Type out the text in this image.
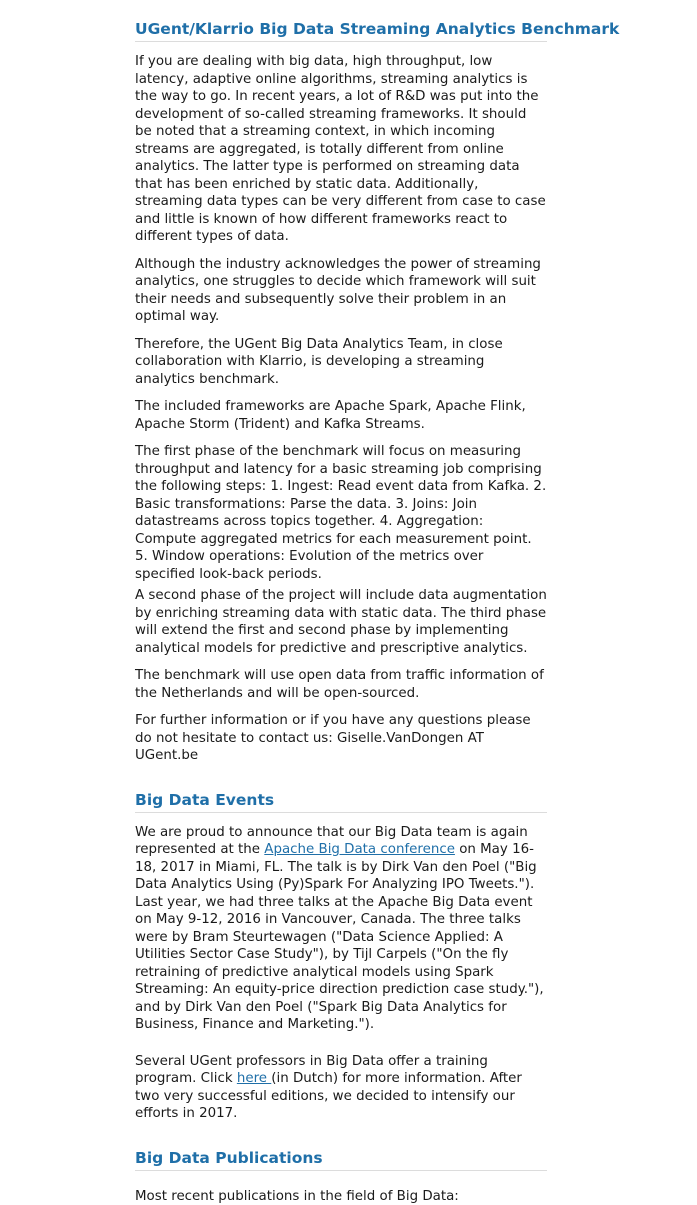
UGent/Klarrio Big Data Streaming Analytics Benchmark

If you are dealing with big data, high throughput, low latency, adaptive online algorithms, streaming analytics is the way to go. In recent years, a lot of R&D was put into the development of so-called streaming frameworks. It should be noted that a streaming context, in which incoming streams are aggregated, is totally different from online analytics. The latter type is performed on streaming data that has been enriched by static data. Additionally, streaming data types can be very different from case to case and little is known of how different frameworks react to different types of data.

Although the industry acknowledges the power of streaming analytics, one struggles to decide which framework will suit their needs and subsequently solve their problem in an optimal way.

Therefore, the UGent Big Data Analytics Team, in close collaboration with Klarrio, is developing a streaming analytics benchmark.

The included frameworks are Apache Spark, Apache Flink, Apache Storm (Trident) and Kafka Streams.

The first phase of the benchmark will focus on measuring throughput and latency for a basic streaming job comprising the following steps: 1. Ingest: Read event data from Kafka. 2. Basic transformations: Parse the data. 3. Joins: Join datastreams across topics together. 4. Aggregation: Compute aggregated metrics for each measurement point. 5. Window operations: Evolution of the metrics over specified look-back periods.

A second phase of the project will include data augmentation by enriching streaming data with static data. The third phase will extend the first and second phase by implementing analytical models for predictive and prescriptive analytics.

The benchmark will use open data from traffic information of the Netherlands and will be open-sourced.

For further information or if you have any questions please do not hesitate to contact us: Giselle.VanDongen AT UGent.be

Big Data Events

We are proud to announce that our Big Data team is again represented at the Apache Big Data conference on May 16-18, 2017 in Miami, FL. The talk is by Dirk Van den Poel ("Big Data Analytics Using (Py)Spark For Analyzing IPO Tweets."). Last year, we had three talks at the Apache Big Data event on May 9-12, 2016 in Vancouver, Canada. The three talks were by Bram Steurtewagen ("Data Science Applied: A Utilities Sector Case Study"), by Tijl Carpels ("On the fly retraining of predictive analytical models using Spark Streaming: An equity-price direction prediction case study."), and by Dirk Van den Poel ("Spark Big Data Analytics for Business, Finance and Marketing.").

Several UGent professors in Big Data offer a training program. Click here (in Dutch) for more information. After two very successful editions, we decided to intensify our efforts in 2017.

Big Data Publications

Most recent publications in the field of Big Data:
